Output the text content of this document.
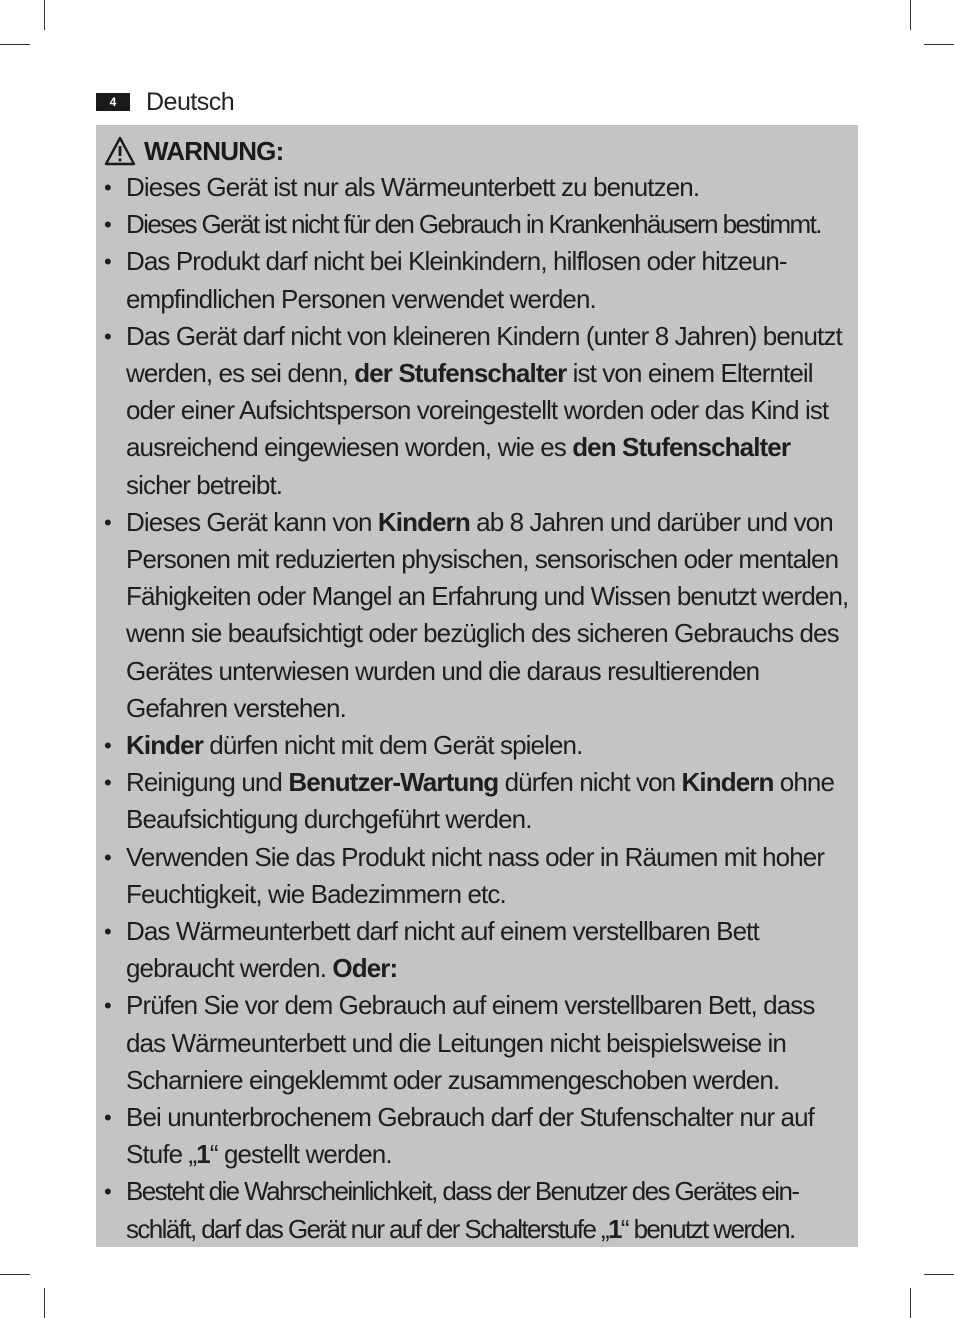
4	Deutsch
WARNUNG:
• Dieses Gerät ist nur als Wärmeunterbett zu benutzen.
• Dieses Gerät ist nicht für den Gebrauch in Krankenhäusern bestimmt.
• Das Produkt darf nicht bei Kleinkindern, hilflosen oder hitzeun- empfindlichen Personen verwendet werden.
• Das Gerät darf nicht von kleineren Kindern (unter 8 Jahren) benutzt werden, es sei denn, der Stufenschalter ist von einem Elternteil oder einer Aufsichtsperson voreingestellt worden oder das Kind ist ausreichend eingewiesen worden, wie es den Stufenschalter sicher betreibt.
• Dieses Gerät kann von Kindern ab 8 Jahren und darüber und von Personen mit reduzierten physischen, sensorischen oder mentalen Fähigkeiten oder Mangel an Erfahrung und Wissen benutzt werden, wenn sie beaufsichtigt oder bezüglich des sicheren Gebrauchs des Gerätes unterwiesen wurden und die daraus resultierenden Gefahren verstehen.
• Kinder dürfen nicht mit dem Gerät spielen.
• Reinigung und Benutzer-Wartung dürfen nicht von Kindern ohne Beaufsichtigung durchgeführt werden.
• Verwenden Sie das Produkt nicht nass oder in Räumen mit hoher Feuchtigkeit, wie Badezimmern etc.
• Das Wärmeunterbett darf nicht auf einem verstellbaren Bett gebraucht werden. Oder:
• Prüfen Sie vor dem Gebrauch auf einem verstellbaren Bett, dass das Wärmeunterbett und die Leitungen nicht beispielsweise in Scharniere eingeklemmt oder zusammengeschoben werden.
• Bei ununterbrochenem Gebrauch darf der Stufenschalter nur auf Stufe „1“ gestellt werden.
• Besteht die Wahrscheinlichkeit, dass der Benutzer des Gerätes ein- schläft, darf das Gerät nur auf der Schalterstufe „1“ benutzt werden.
